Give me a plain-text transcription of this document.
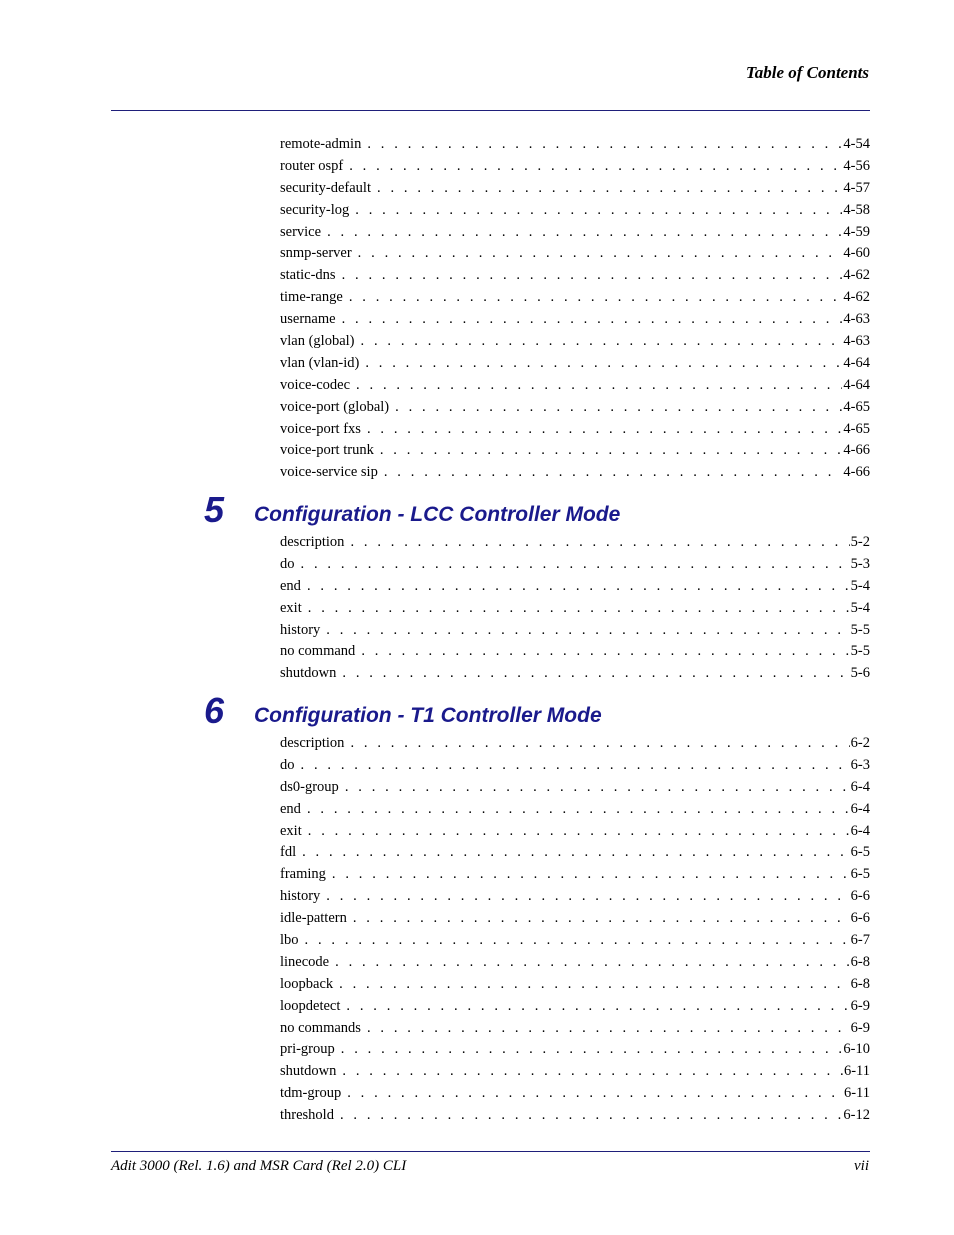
Table of Contents
remote-admin . . .	4-54
router ospf . . .	4-56
security-default . . .	4-57
security-log . . .	4-58
service . . .	4-59
snmp-server . . .	4-60
static-dns . . .	4-62
time-range . . .	4-62
username . . .	4-63
vlan (global) . . .	4-63
vlan (vlan-id) . . .	4-64
voice-codec . . .	4-64
voice-port (global) . . .	4-65
voice-port fxs . . .	4-65
voice-port trunk . . .	4-66
voice-service sip . . .	4-66
5 Configuration - LCC Controller Mode
description . . .	5-2
do . . .	5-3
end . . .	5-4
exit . . .	5-4
history . . .	5-5
no command . . .	5-5
shutdown . . .	5-6
6 Configuration - T1 Controller Mode
description . . .	6-2
do . . .	6-3
ds0-group . . .	6-4
end . . .	6-4
exit . . .	6-4
fdl . . .	6-5
framing . . .	6-5
history . . .	6-6
idle-pattern . . .	6-6
lbo . . .	6-7
linecode . . .	6-8
loopback . . .	6-8
loopdetect . . .	6-9
no commands . . .	6-9
pri-group . . .	6-10
shutdown . . .	6-11
tdm-group . . .	6-11
threshold . . .	6-12
Adit 3000 (Rel. 1.6) and MSR Card (Rel 2.0) CLI	vii
